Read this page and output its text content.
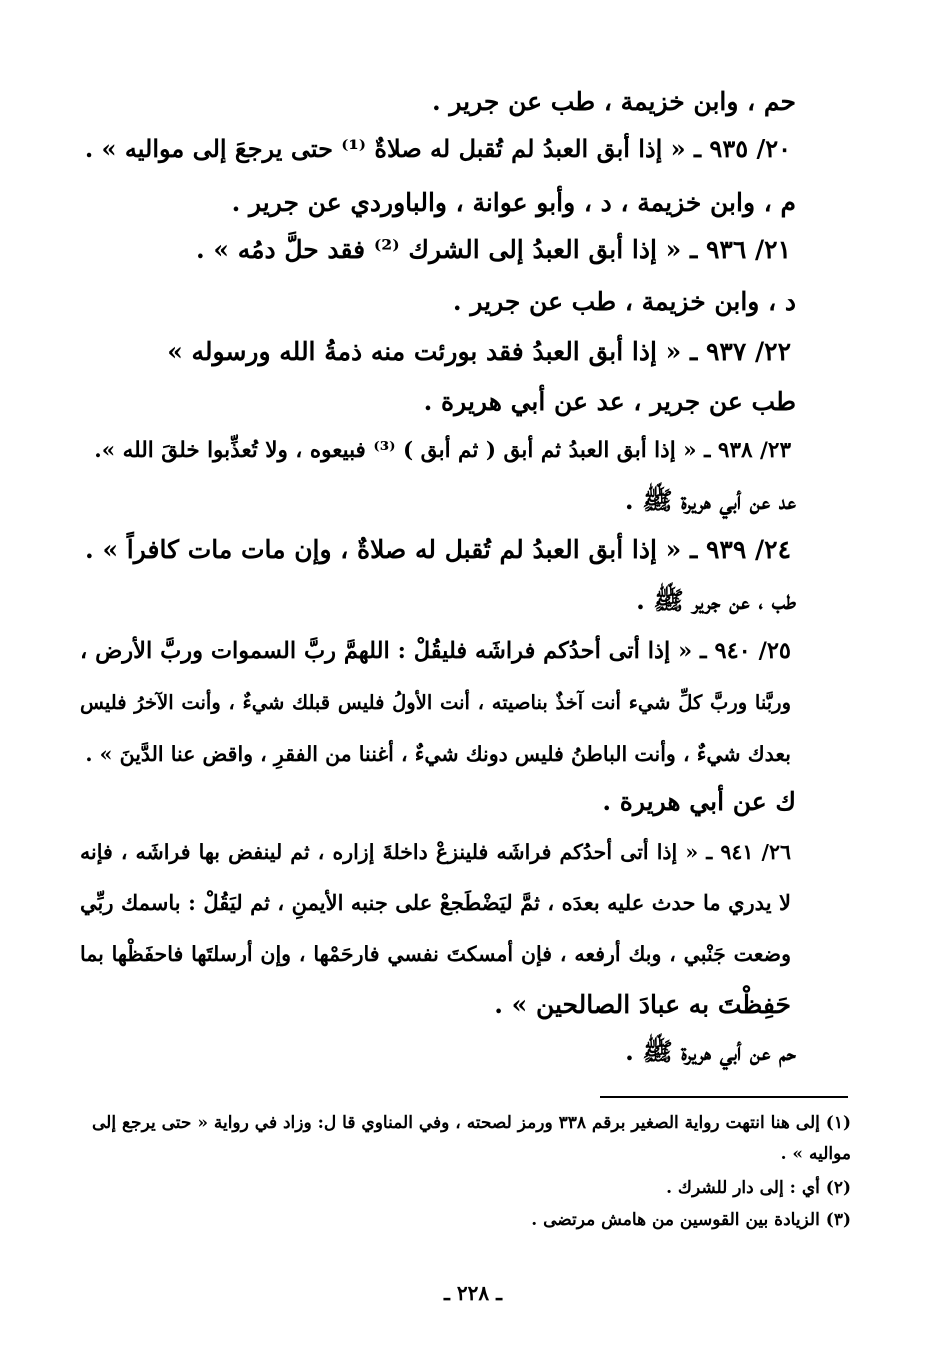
حم ، وابن خزيمة ، طب عن جرير .
٢٠/ ٩٣٥ ـ « إذا أبق العبدُ لم تُقبل له صلاةٌ ⁽¹⁾ حتى يرجعَ إلى مواليه » .
م ، وابن خزيمة ، د ، وأبو عوانة ، والباوردي عن جرير .
٢١/ ٩٣٦ ـ « إذا أبق العبدُ إلى الشرك ⁽²⁾ فقد حلَّ دمُه » .
د ، وابن خزيمة ، طب عن جرير .
٢٢/ ٩٣٧ ـ « إذا أبق العبدُ فقد بورئت منه ذمةُ الله ورسوله »
طب عن جرير ، عد عن أبي هريرة .
٢٣/ ٩٣٨ ـ « إذا أبق العبدُ ثم أبق ( ثم أبق ) ⁽³⁾ فبيعوه ، ولا تُعذِّبوا خلقَ الله ».
عد عن أبي هريرة ﷺ .
٢٤/ ٩٣٩ ـ « إذا أبق العبدُ لم تُقبل له صلاةٌ ، وإن مات مات كافراً » .
طب ، عن جرير ﷺ .
٢٥/ ٩٤٠ ـ « إذا أتى أحدُكم فراشَه فليقُلْ : اللهمَّ ربَّ السموات وربَّ الأرض ،
وربَّنا وربَّ كلِّ شيء أنت آخذٌ بناصيته ، أنت الأولُ فليس قبلك شيءٌ ، وأنت الآخرُ فليس
بعدك شيءٌ ، وأنت الباطنُ فليس دونك شيءٌ ، أغننا من الفقرِ ، واقض عنا الدَّينَ » .
ك عن أبي هريرة .
٢٦/ ٩٤١ ـ « إذا أتى أحدُكم فراشَه فلينزعْ داخلةَ إزاره ، ثم لينفض بها فراشَه ، فإنه
لا يدري ما حدث عليه بعدَه ، ثمَّ ليَضْطَجعْ على جنبه الأيمنِ ، ثم ليَقُلْ : باسمك ربِّي
وضعت جَنْبي ، وبك أرفعه ، فإن أمسكتَ نفسي فارحَمْها ، وإن أرسلتَها فاحفَظْها بما
حَفِظْتَ به عبادَ الصالحين » .
حم عن أبي هريرة ﷺ .
(١) إلى هنا انتهت رواية الصغير برقم ٣٣٨ ورمز لصحته ، وفي المناوي قا ل: وزاد في رواية « حتى يرجع إلى
مواليه » .
(٢) أي : إلى دار للشرك .
(٣) الزيادة بين القوسين من هامش مرتضى .
ـ ٢٢٨ ـ
